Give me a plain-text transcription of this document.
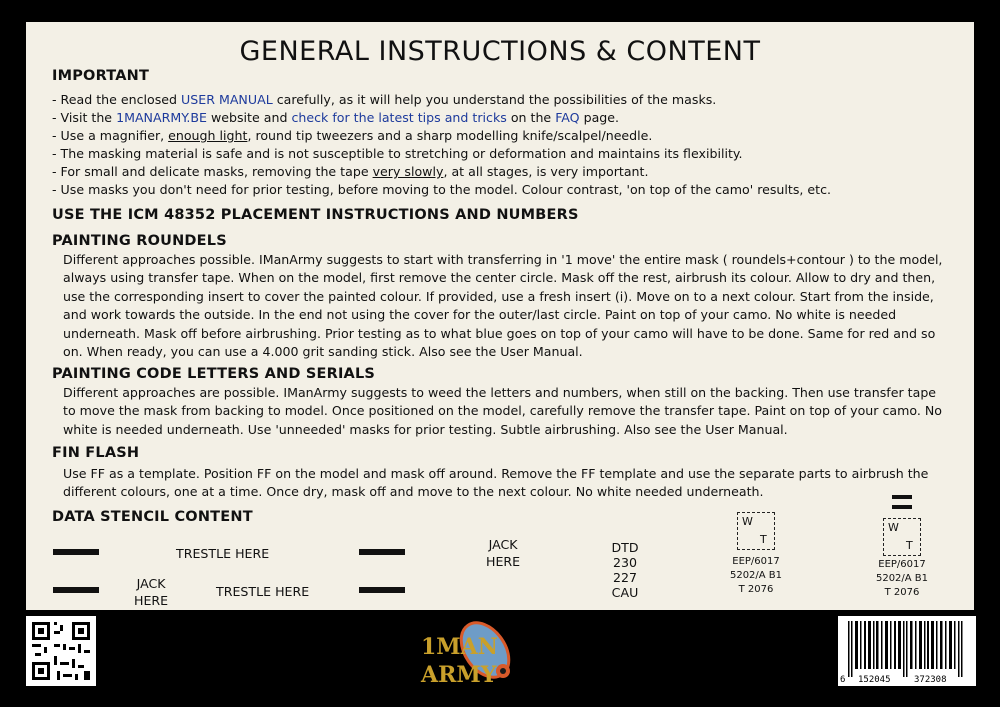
GENERAL INSTRUCTIONS & CONTENT
IMPORTANT
- Read the enclosed USER MANUAL carefully, as it will help you understand the possibilities of the masks.
- Visit the 1MANARMY.BE website and check for the latest tips and tricks on the FAQ page.
- Use a magnifier, enough light, round tip tweezers and a sharp modelling knife/scalpel/needle.
- The masking material is safe and is not susceptible to stretching or deformation and maintains its flexibility.
- For small and delicate masks, removing the tape very slowly, at all stages, is very important.
- Use masks you don't need for prior testing, before moving to the model. Colour contrast, 'on top of the camo' results, etc.
USE THE ICM 48352 PLACEMENT INSTRUCTIONS AND NUMBERS
PAINTING ROUNDELS
Different approaches possible. IManArmy suggests to start with transferring in '1 move' the entire mask ( roundels+contour ) to the model, always using transfer tape. When on the model, first remove the center circle. Mask off the rest, airbrush its colour. Allow to dry and then, use the corresponding insert to cover the painted colour. If provided, use a fresh insert (i). Move on to a next colour. Start from the inside, and work towards the outside. In the end not using the cover for the outer/last circle. Paint on top of your camo. No white is needed underneath. Mask off before airbrushing. Prior testing as to what blue goes on top of your camo will have to be done. Same for red and so on. When ready, you can use a 4.000 grit sanding stick. Also see the User Manual.
PAINTING CODE LETTERS AND SERIALS
Different approaches are possible. IManArmy suggests to weed the letters and numbers, when still on the backing. Then use transfer tape to move the mask from backing to model. Once positioned on the model, carefully remove the transfer tape. Paint on top of your camo. No white is needed underneath. Use 'unneeded' masks for prior testing. Subtle airbrushing. Also see the User Manual.
FIN FLASH
Use FF as a template. Position FF on the model and mask off around. Remove the FF template and use the separate parts to airbrush the different colours, one at a time. Once dry, mask off and move to the next colour. No white needed underneath.
DATA STENCIL CONTENT
TRESTLE HERE
TRESTLE HERE
JACK
HERE
JACK
HERE
DTD
230
227
CAU
W
T
EEP/6017
5202/A B1
T 2076
W
T
EEP/6017
5202/A B1
T 2076
1MAN
ARMY	6 152045	372308
